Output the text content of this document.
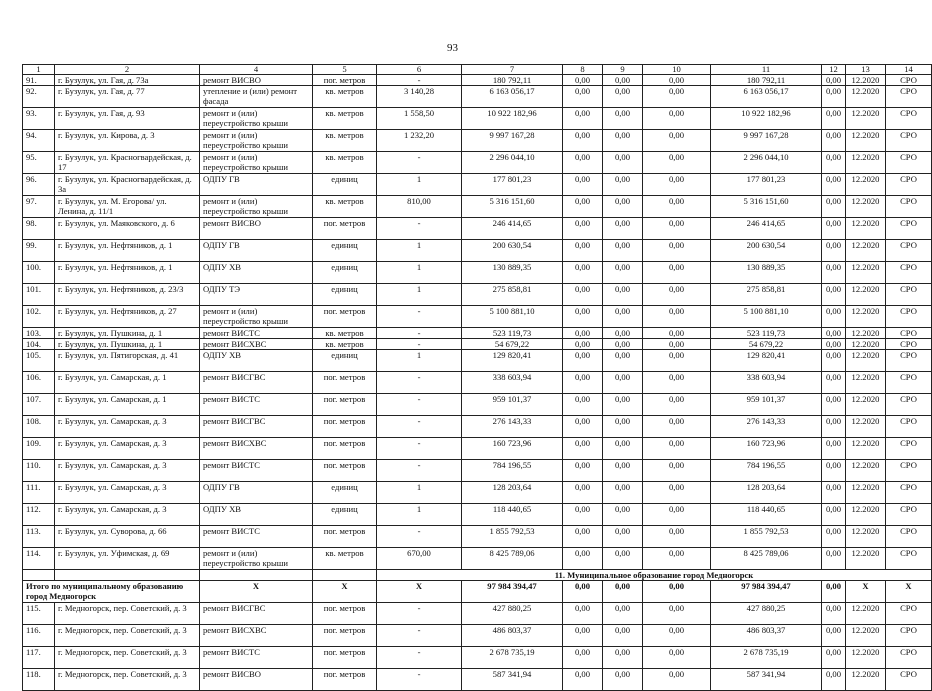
93
1	2	4	5	6	7	8	9	10	11	12	13	14
91.	г. Бузулук, ул. Гая, д. 73а	ремонт ВИСВО	пог. метров	-	180 792,11	0,00	0,00	0,00	180 792,11	0,00	12.2020	СРО
92.	г. Бузулук, ул. Гая, д. 77	утепление и (или) ремонт фасада	кв. метров	3 140,28	6 163 056,17	0,00	0,00	0,00	6 163 056,17	0,00	12.2020	СРО
93.	г. Бузулук, ул. Гая, д. 93	ремонт и (или) переустройство крыши	кв. метров	1 558,50	10 922 182,96	0,00	0,00	0,00	10 922 182,96	0,00	12.2020	СРО
94.	г. Бузулук, ул. Кирова, д. 3	ремонт и (или) переустройство крыши	кв. метров	1 232,20	9 997 167,28	0,00	0,00	0,00	9 997 167,28	0,00	12.2020	СРО
95.	г. Бузулук, ул. Красногвардейская, д. 17	ремонт и (или) переустройство крыши	кв. метров	-	2 296 044,10	0,00	0,00	0,00	2 296 044,10	0,00	12.2020	СРО
96.	г. Бузулук, ул. Красногвардейская, д. 3а	ОДПУ ГВ	единиц	1	177 801,23	0,00	0,00	0,00	177 801,23	0,00	12.2020	СРО
97.	г. Бузулук, ул. М. Егорова/ ул. Ленина, д. 11/1	ремонт и (или) переустройство крыши	кв. метров	810,00	5 316 151,60	0,00	0,00	0,00	5 316 151,60	0,00	12.2020	СРО
98.	г. Бузулук, ул. Маяковского, д. 6	ремонт ВИСВО	пог. метров	-	246 414,65	0,00	0,00	0,00	246 414,65	0,00	12.2020	СРО
99.	г. Бузулук, ул. Нефтяников, д. 1	ОДПУ ГВ	единиц	1	200 630,54	0,00	0,00	0,00	200 630,54	0,00	12.2020	СРО
100.	г. Бузулук, ул. Нефтяников, д. 1	ОДПУ ХВ	единиц	1	130 889,35	0,00	0,00	0,00	130 889,35	0,00	12.2020	СРО
101.	г. Бузулук, ул. Нефтяников, д. 23/3	ОДПУ ТЭ	единиц	1	275 858,81	0,00	0,00	0,00	275 858,81	0,00	12.2020	СРО
102.	г. Бузулук, ул. Нефтяников, д. 27	ремонт и (или) переустройство крыши	пог. метров	-	5 100 881,10	0,00	0,00	0,00	5 100 881,10	0,00	12.2020	СРО
103.	г. Бузулук, ул. Пушкина, д. 1	ремонт ВИСТС	кв. метров	-	523 119,73	0,00	0,00	0,00	523 119,73	0,00	12.2020	СРО
104.	г. Бузулук, ул. Пушкина, д. 1	ремонт ВИСХВС	кв. метров	-	54 679,22	0,00	0,00	0,00	54 679,22	0,00	12.2020	СРО
105.	г. Бузулук, ул. Пятигорская, д. 41	ОДПУ ХВ	единиц	1	129 820,41	0,00	0,00	0,00	129 820,41	0,00	12.2020	СРО
106.	г. Бузулук, ул. Самарская, д. 1	ремонт ВИСГВС	пог. метров	-	338 603,94	0,00	0,00	0,00	338 603,94	0,00	12.2020	СРО
107.	г. Бузулук, ул. Самарская, д. 1	ремонт ВИСТС	пог. метров	-	959 101,37	0,00	0,00	0,00	959 101,37	0,00	12.2020	СРО
108.	г. Бузулук, ул. Самарская, д. 3	ремонт ВИСГВС	пог. метров	-	276 143,33	0,00	0,00	0,00	276 143,33	0,00	12.2020	СРО
109.	г. Бузулук, ул. Самарская, д. 3	ремонт ВИСХВС	пог. метров	-	160 723,96	0,00	0,00	0,00	160 723,96	0,00	12.2020	СРО
110.	г. Бузулук, ул. Самарская, д. 3	ремонт ВИСТС	пог. метров	-	784 196,55	0,00	0,00	0,00	784 196,55	0,00	12.2020	СРО
111.	г. Бузулук, ул. Самарская, д. 3	ОДПУ ГВ	единиц	1	128 203,64	0,00	0,00	0,00	128 203,64	0,00	12.2020	СРО
112.	г. Бузулук, ул. Самарская, д. 3	ОДПУ ХВ	единиц	1	118 440,65	0,00	0,00	0,00	118 440,65	0,00	12.2020	СРО
113.	г. Бузулук, ул. Суворова, д. 66	ремонт ВИСТС	пог. метров	-	1 855 792,53	0,00	0,00	0,00	1 855 792,53	0,00	12.2020	СРО
114.	г. Бузулук, ул. Уфимская, д. 69	ремонт и (или) переустройство крыши	кв. метров	670,00	8 425 789,06	0,00	0,00	0,00	8 425 789,06	0,00	12.2020	СРО
				11. Муниципальное образование город Медногорск								
Итого по муниципальному образованию город Медногорск		X	X	X	97 984 394,47	0,00	0,00	0,00	97 984 394,47	0,00	X	X
115.	г. Медногорск, пер. Советский, д. 3	ремонт ВИСГВС	пог. метров	-	427 880,25	0,00	0,00	0,00	427 880,25	0,00	12.2020	СРО
116.	г. Медногорск, пер. Советский, д. 3	ремонт ВИСХВС	пог. метров	-	486 803,37	0,00	0,00	0,00	486 803,37	0,00	12.2020	СРО
117.	г. Медногорск, пер. Советский, д. 3	ремонт ВИСТС	пог. метров	-	2 678 735,19	0,00	0,00	0,00	2 678 735,19	0,00	12.2020	СРО
118.	г. Медногорск, пер. Советский, д. 3	ремонт ВИСВО	пог. метров	-	587 341,94	0,00	0,00	0,00	587 341,94	0,00	12.2020	СРО
